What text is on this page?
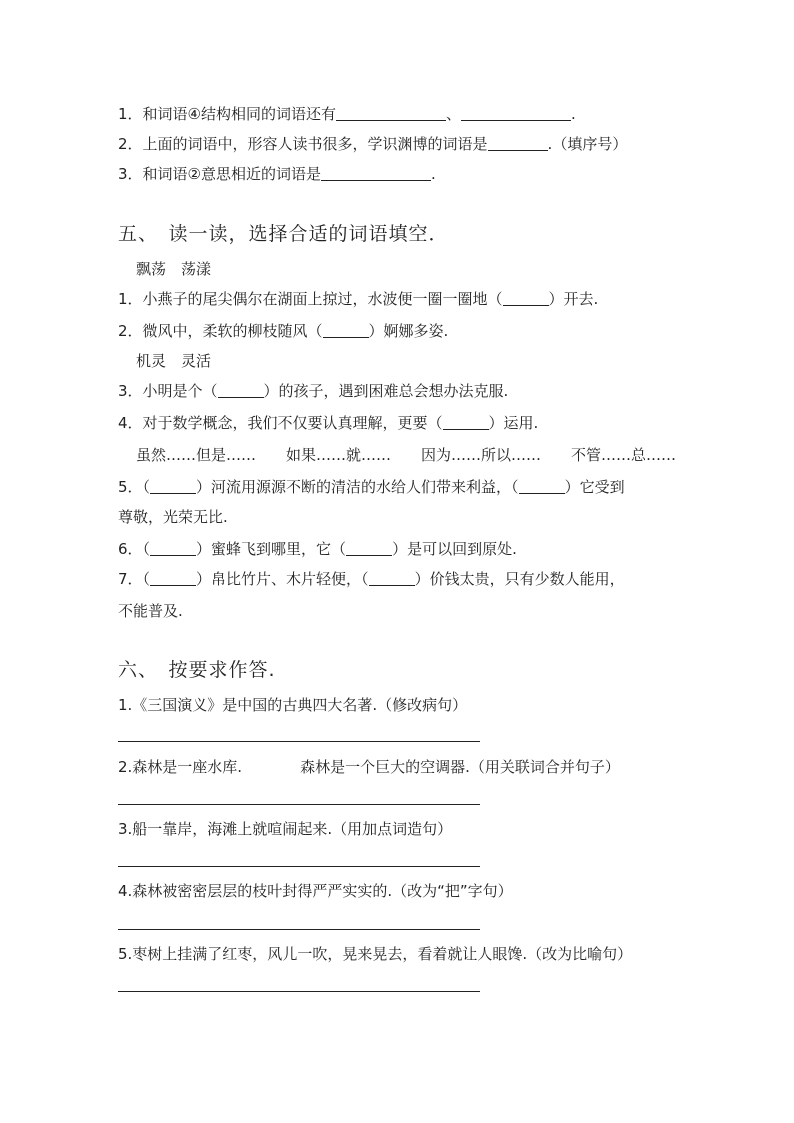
1．和词语④结构相同的词语还有	、	.
2．上面的词语中，形容人读书很多，学识渊博的词语是	.（填序号）
3．和词语②意思相近的词语是	.
五、　读一读，选择合适的词语填空．
飘荡　荡漾
1．小燕子的尾尖偶尔在湖面上掠过，水波便一圈一圈地（	）开去.
2．微风中，柔软的柳枝随风（	）婀娜多姿.
机灵　灵活
3．小明是个（	）的孩子，遇到困难总会想办法克服.
4．对于数学概念，我们不仅要认真理解，更要（	）运用.
虽然……但是……　　如果……就……　　因为……所以……　　不管……总……
5．（	）河流用源源不断的清洁的水给人们带来利益，（	）它受到
尊敬，光荣无比.
6．（	）蜜蜂飞到哪里，它（	）是可以回到原处.
7．（	）帛比竹片、木片轻便，（	）价钱太贵，只有少数人能用，
不能普及.
六、　按要求作答.
1.《三国演义》是中国的古典四大名著.（修改病句）
2.森林是一座水库.	森林是一个巨大的空调器.（用关联词合并句子）
3.船一靠岸，海滩上就喧闹起来.（用加点词造句）
4.森林被密密层层的枝叶封得严严实实的.（改为“把”字句）
5.枣树上挂满了红枣，风儿一吹，晃来晃去，看着就让人眼馋.（改为比喻句）
